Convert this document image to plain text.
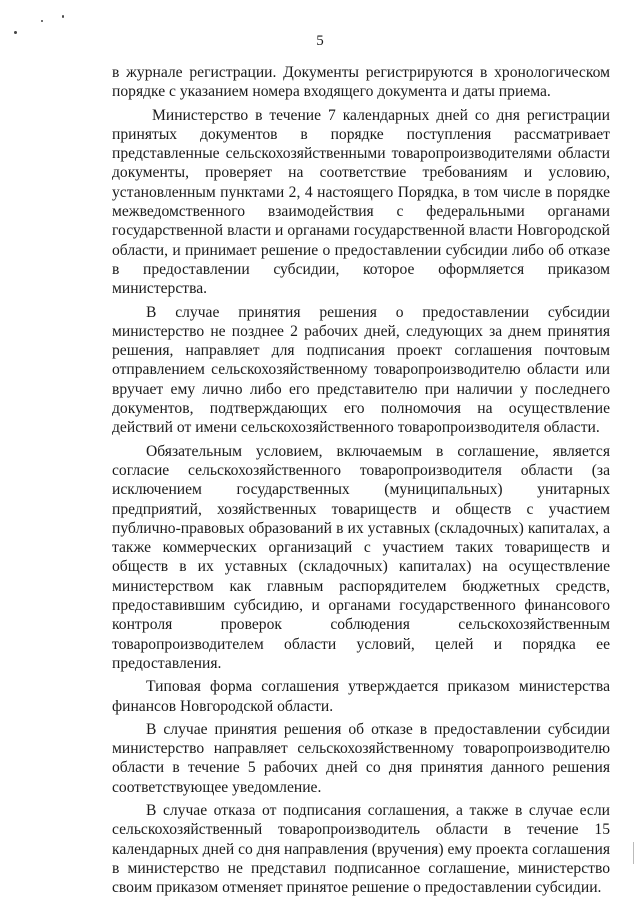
5

в журнале регистрации. Документы регистрируются в хронологическом порядке с указанием номера входящего документа и даты приема.

Министерство в течение 7 календарных дней со дня регистрации принятых документов в порядке поступления рассматривает представленные сельскохозяйственными товаропроизводителями области документы, проверяет на соответствие требованиям и условию, установленным пунктами 2, 4 настоящего Порядка, в том числе в порядке межведомственного взаимодействия с федеральными органами государственной власти и органами государственной власти Новгородской области, и принимает решение о предоставлении субсидии либо об отказе в предоставлении субсидии, которое оформляется приказом министерства.

В случае принятия решения о предоставлении субсидии министерство не позднее 2 рабочих дней, следующих за днем принятия решения, направляет для подписания проект соглашения почтовым отправлением сельскохозяйственному товаропроизводителю области или вручает ему лично либо его представителю при наличии у последнего документов, подтверждающих его полномочия на осуществление действий от имени сельскохозяйственного товаропроизводителя области.

Обязательным условием, включаемым в соглашение, является согласие сельскохозяйственного товаропроизводителя области (за исключением государственных (муниципальных) унитарных предприятий, хозяйственных товариществ и обществ с участием публично-правовых образований в их уставных (складочных) капиталах, а также коммерческих организаций с участием таких товариществ и обществ в их уставных (складочных) капиталах) на осуществление министерством как главным распорядителем бюджетных средств, предоставившим субсидию, и органами государственного финансового контроля проверок соблюдения сельскохозяйственным товаропроизводителем области условий, целей и порядка ее предоставления.

Типовая форма соглашения утверждается приказом министерства финансов Новгородской области.

В случае принятия решения об отказе в предоставлении субсидии министерство направляет сельскохозяйственному товаропроизводителю области в течение 5 рабочих дней со дня принятия данного решения соответствующее уведомление.

В случае отказа от подписания соглашения, а также в случае если сельскохозяйственный товаропроизводитель области в течение 15 календарных дней со дня направления (вручения) ему проекта соглашения в министерство не представил подписанное соглашение, министерство своим приказом отменяет принятое решение о предоставлении субсидии.
